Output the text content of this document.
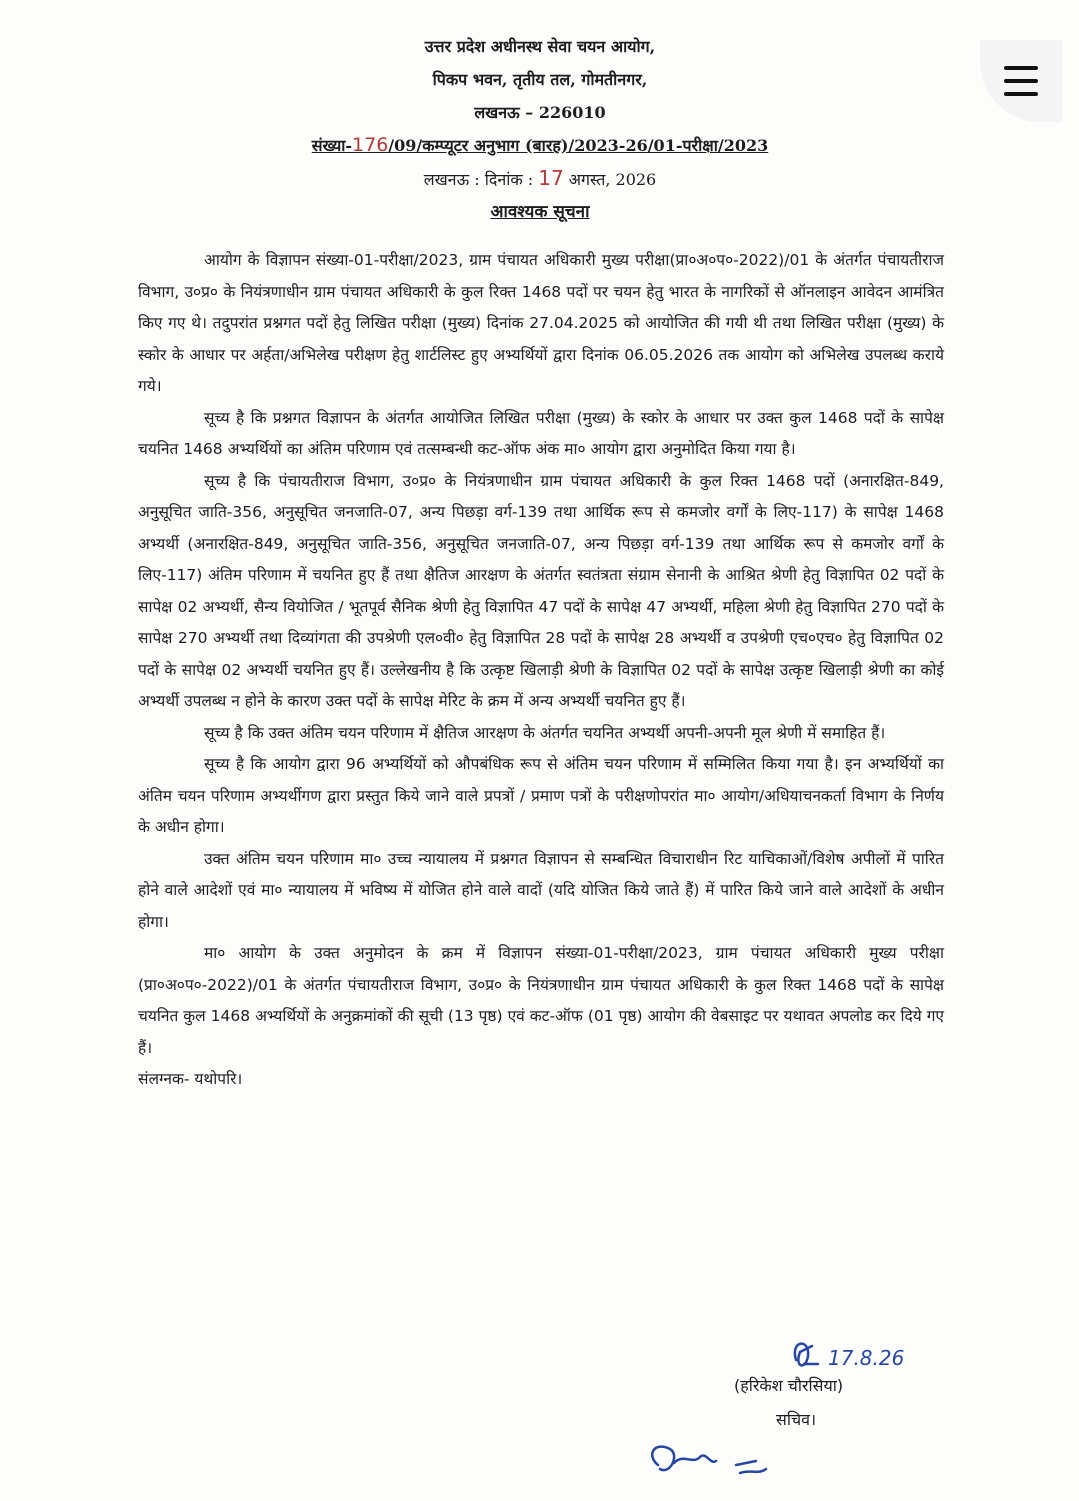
उत्तर प्रदेश अधीनस्थ सेवा चयन आयोग,
पिकप भवन, तृतीय तल, गोमतीनगर,
लखनऊ – 226010
संख्या-176/09/कम्प्यूटर अनुभाग (बारह)/2023-26/01-परीक्षा/2023
लखनऊ : दिनांक : 17 अगस्त, 2026
आवश्यक सूचना

आयोग के विज्ञापन संख्या-01-परीक्षा/2023, ग्राम पंचायत अधिकारी मुख्य परीक्षा(प्रा०अ०प०-2022)/01 के अंतर्गत पंचायतीराज विभाग, उ०प्र० के नियंत्रणाधीन ग्राम पंचायत अधिकारी के कुल रिक्त 1468 पदों पर चयन हेतु भारत के नागरिकों से ऑनलाइन आवेदन आमंत्रित किए गए थे। तदुपरांत प्रश्नगत पदों हेतु लिखित परीक्षा (मुख्य) दिनांक 27.04.2025 को आयोजित की गयी थी तथा लिखित परीक्षा (मुख्य) के स्कोर के आधार पर अर्हता/अभिलेख परीक्षण हेतु शार्टलिस्ट हुए अभ्यर्थियों द्वारा दिनांक 06.05.2026 तक आयोग को अभिलेख उपलब्ध कराये गये।

सूच्य है कि प्रश्नगत विज्ञापन के अंतर्गत आयोजित लिखित परीक्षा (मुख्य) के स्कोर के आधार पर उक्त कुल 1468 पदों के सापेक्ष चयनित 1468 अभ्यर्थियों का अंतिम परिणाम एवं तत्सम्बन्धी कट-ऑफ अंक मा० आयोग द्वारा अनुमोदित किया गया है।

सूच्य है कि पंचायतीराज विभाग, उ०प्र० के नियंत्रणाधीन ग्राम पंचायत अधिकारी के कुल रिक्त 1468 पदों (अनारक्षित-849, अनुसूचित जाति-356, अनुसूचित जनजाति-07, अन्य पिछड़ा वर्ग-139 तथा आर्थिक रूप से कमजोर वर्गों के लिए-117) के सापेक्ष 1468 अभ्यर्थी (अनारक्षित-849, अनुसूचित जाति-356, अनुसूचित जनजाति-07, अन्य पिछड़ा वर्ग-139 तथा आर्थिक रूप से कमजोर वर्गों के लिए-117) अंतिम परिणाम में चयनित हुए हैं तथा क्षैतिज आरक्षण के अंतर्गत स्वतंत्रता संग्राम सेनानी के आश्रित श्रेणी हेतु विज्ञापित 02 पदों के सापेक्ष 02 अभ्यर्थी, सैन्य वियोजित / भूतपूर्व सैनिक श्रेणी हेतु विज्ञापित 47 पदों के सापेक्ष 47 अभ्यर्थी, महिला श्रेणी हेतु विज्ञापित 270 पदों के सापेक्ष 270 अभ्यर्थी तथा दिव्यांगता की उपश्रेणी एल०वी० हेतु विज्ञापित 28 पदों के सापेक्ष 28 अभ्यर्थी व उपश्रेणी एच०एच० हेतु विज्ञापित 02 पदों के सापेक्ष 02 अभ्यर्थी चयनित हुए हैं। उल्लेखनीय है कि उत्कृष्ट खिलाड़ी श्रेणी के विज्ञापित 02 पदों के सापेक्ष उत्कृष्ट खिलाड़ी श्रेणी का कोई अभ्यर्थी उपलब्ध न होने के कारण उक्त पदों के सापेक्ष मेरिट के क्रम में अन्य अभ्यर्थी चयनित हुए हैं।

सूच्य है कि उक्त अंतिम चयन परिणाम में क्षैतिज आरक्षण के अंतर्गत चयनित अभ्यर्थी अपनी-अपनी मूल श्रेणी में समाहित हैं।

सूच्य है कि आयोग द्वारा 96 अभ्यर्थियों को औपबंधिक रूप से अंतिम चयन परिणाम में सम्मिलित किया गया है। इन अभ्यर्थियों का अंतिम चयन परिणाम अभ्यर्थीगण द्वारा प्रस्तुत किये जाने वाले प्रपत्रों / प्रमाण पत्रों के परीक्षणोपरांत मा० आयोग/अधियाचनकर्ता विभाग के निर्णय के अधीन होगा।

उक्त अंतिम चयन परिणाम मा० उच्च न्यायालय में प्रश्नगत विज्ञापन से सम्बन्धित विचाराधीन रिट याचिकाओं/विशेष अपीलों में पारित होने वाले आदेशों एवं मा० न्यायालय में भविष्य में योजित होने वाले वादों (यदि योजित किये जाते हैं) में पारित किये जाने वाले आदेशों के अधीन होगा।

मा० आयोग के उक्त अनुमोदन के क्रम में विज्ञापन संख्या-01-परीक्षा/2023, ग्राम पंचायत अधिकारी मुख्य परीक्षा (प्रा०अ०प०-2022)/01 के अंतर्गत पंचायतीराज विभाग, उ०प्र० के नियंत्रणाधीन ग्राम पंचायत अधिकारी के कुल रिक्त 1468 पदों के सापेक्ष चयनित कुल 1468 अभ्यर्थियों के अनुक्रमांकों की सूची (13 पृष्ठ) एवं कट-ऑफ (01 पृष्ठ) आयोग की वेबसाइट पर यथावत अपलोड कर दिये गए हैं।

संलग्नक- यथोपरि।

17.8.26
(हरिकेश चौरसिया)
सचिव।
